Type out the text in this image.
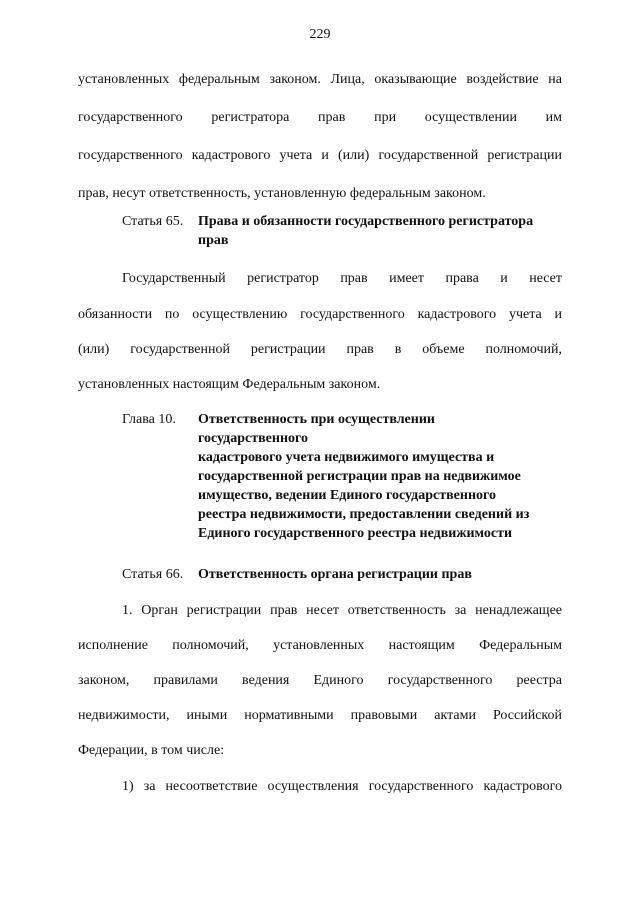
229
установленных федеральным законом. Лица, оказывающие воздействие на
государственного регистратора прав при осуществлении им
государственного кадастрового учета и (или) государственной регистрации
прав, несут ответственность, установленную федеральным законом.
Статья 65. Права и обязанности государственного регистратора
прав
Государственный регистратор прав имеет права и несет
обязанности по осуществлению государственного кадастрового учета и
(или) государственной регистрации прав в объеме полномочий,
установленных настоящим Федеральным законом.
Глава 10. Ответственность при осуществлении
государственного
кадастрового учета недвижимого имущества и
государственной регистрации прав на недвижимое
имущество, ведении Единого государственного
реестра недвижимости, предоставлении сведений из
Единого государственного реестра недвижимости
Статья 66. Ответственность органа регистрации прав
1. Орган регистрации прав несет ответственность за ненадлежащее
исполнение полномочий, установленных настоящим Федеральным
законом, правилами ведения Единого государственного реестра
недвижимости, иными нормативными правовыми актами Российской
Федерации, в том числе:
1) за несоответствие осуществления государственного кадастрового
